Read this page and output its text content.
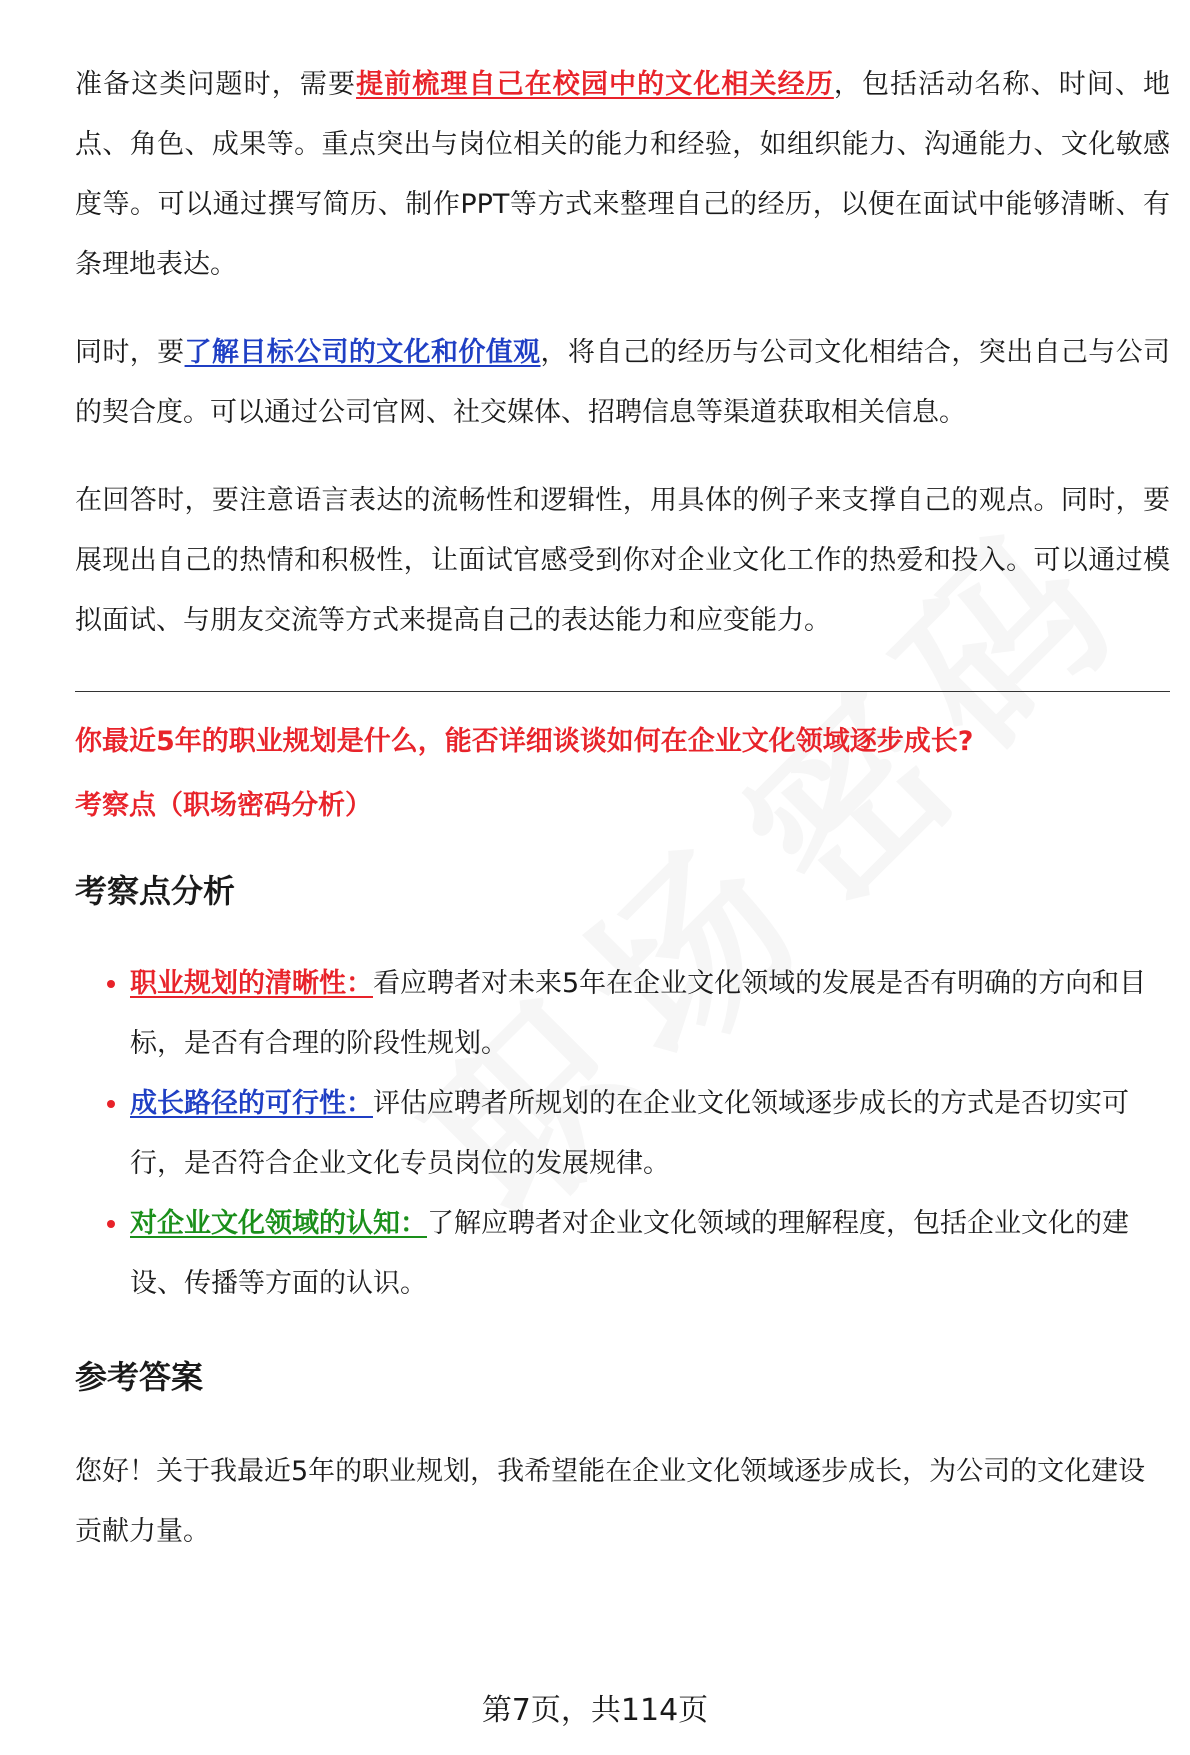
准备这类问题时，需要提前梳理自己在校园中的文化相关经历，包括活动名称、时间、地点、角色、成果等。重点突出与岗位相关的能力和经验，如组织能力、沟通能力、文化敏感度等。可以通过撰写简历、制作PPT等方式来整理自己的经历，以便在面试中能够清晰、有条理地表达。

同时，要了解目标公司的文化和价值观，将自己的经历与公司文化相结合，突出自己与公司的契合度。可以通过公司官网、社交媒体、招聘信息等渠道获取相关信息。

在回答时，要注意语言表达的流畅性和逻辑性，用具体的例子来支撑自己的观点。同时，要展现出自己的热情和积极性，让面试官感受到你对企业文化工作的热爱和投入。可以通过模拟面试、与朋友交流等方式来提高自己的表达能力和应变能力。

你最近5年的职业规划是什么，能否详细谈谈如何在企业文化领域逐步成长?

考察点（职场密码分析）

考察点分析
• 职业规划的清晰性：看应聘者对未来5年在企业文化领域的发展是否有明确的方向和目标，是否有合理的阶段性规划。
• 成长路径的可行性：评估应聘者所规划的在企业文化领域逐步成长的方式是否切实可行，是否符合企业文化专员岗位的发展规律。
• 对企业文化领域的认知：了解应聘者对企业文化领域的理解程度，包括企业文化的建设、传播等方面的认识。
参考答案

您好！关于我最近5年的职业规划，我希望能在企业文化领域逐步成长，为公司的文化建设贡献力量。

第7页，共114页
